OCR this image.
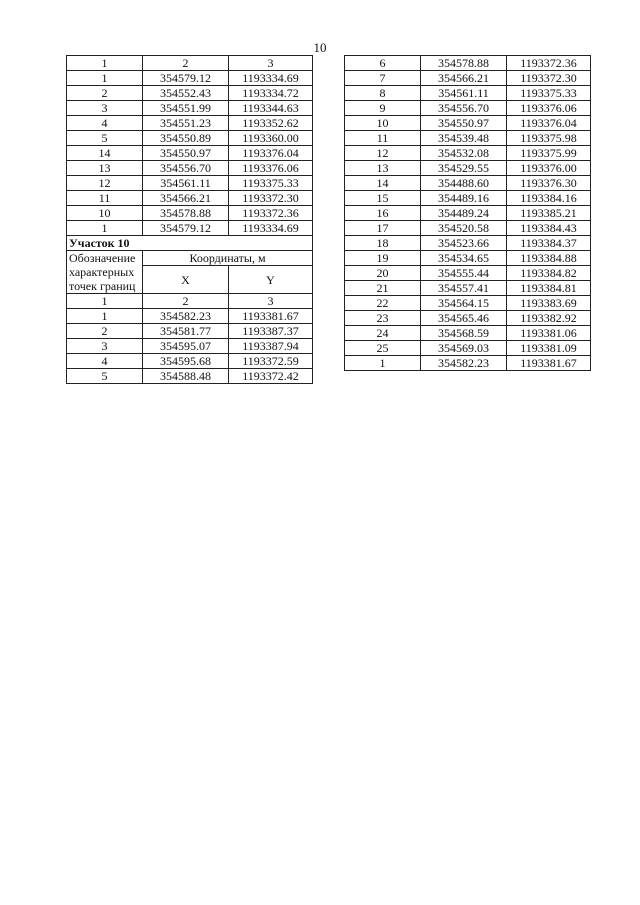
10
1	2	3
1	354579.12	1193334.69
2	354552.43	1193334.72
3	354551.99	1193344.63
4	354551.23	1193352.62
5	354550.89	1193360.00
14	354550.97	1193376.04
13	354556.70	1193376.06
12	354561.11	1193375.33
11	354566.21	1193372.30
10	354578.88	1193372.36
1	354579.12	1193334.69
Участок 10		
Обозначение характерных точек границ	Координаты, м	
	X	Y
1	2	3
1	354582.23	1193381.67
2	354581.77	1193387.37
3	354595.07	1193387.94
4	354595.68	1193372.59
5	354588.48	1193372.42
6	354578.88	1193372.36
7	354566.21	1193372.30
8	354561.11	1193375.33
9	354556.70	1193376.06
10	354550.97	1193376.04
11	354539.48	1193375.98
12	354532.08	1193375.99
13	354529.55	1193376.00
14	354488.60	1193376.30
15	354489.16	1193384.16
16	354489.24	1193385.21
17	354520.58	1193384.43
18	354523.66	1193384.37
19	354534.65	1193384.88
20	354555.44	1193384.82
21	354557.41	1193384.81
22	354564.15	1193383.69
23	354565.46	1193382.92
24	354568.59	1193381.06
25	354569.03	1193381.09
1	354582.23	1193381.67
